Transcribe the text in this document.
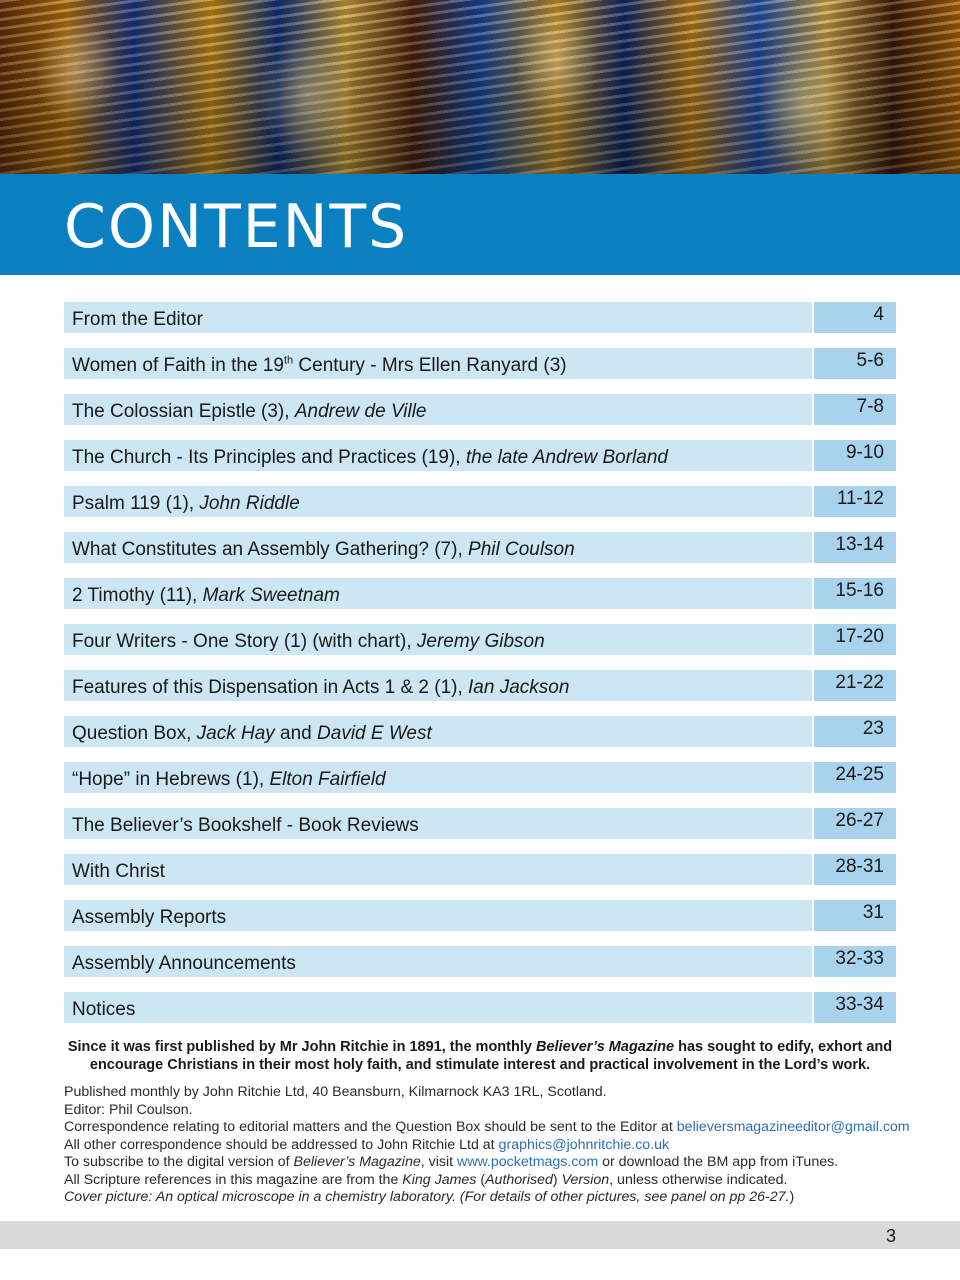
CONTENTS
From the Editor	4
Women of Faith in the 19th Century - Mrs Ellen Ranyard (3)	5-6
The Colossian Epistle (3), Andrew de Ville	7-8
The Church - Its Principles and Practices (19), the late Andrew Borland	9-10
Psalm 119 (1), John Riddle	11-12
What Constitutes an Assembly Gathering? (7), Phil Coulson	13-14
2 Timothy (11), Mark Sweetnam	15-16
Four Writers - One Story (1) (with chart), Jeremy Gibson	17-20
Features of this Dispensation in Acts 1 & 2 (1), Ian Jackson	21-22
Question Box, Jack Hay and David E West	23
“Hope” in Hebrews (1), Elton Fairfield	24-25
The Believer’s Bookshelf - Book Reviews	26-27
With Christ	28-31
Assembly Reports	31
Assembly Announcements	32-33
Notices	33-34
Since it was first published by Mr John Ritchie in 1891, the monthly Believer’s Magazine has sought to edify, exhort and encourage Christians in their most holy faith, and stimulate interest and practical involvement in the Lord’s work.

Published monthly by John Ritchie Ltd, 40 Beansburn, Kilmarnock KA3 1RL, Scotland.

Editor: Phil Coulson.

Correspondence relating to editorial matters and the Question Box should be sent to the Editor at believersmagazineeditor@gmail.com

All other correspondence should be addressed to John Ritchie Ltd at graphics@johnritchie.co.uk

To subscribe to the digital version of Believer’s Magazine, visit www.pocketmags.com or download the BM app from iTunes.

All Scripture references in this magazine are from the King James (Authorised) Version, unless otherwise indicated.

Cover picture: An optical microscope in a chemistry laboratory. (For details of other pictures, see panel on pp 26-27.)

3
